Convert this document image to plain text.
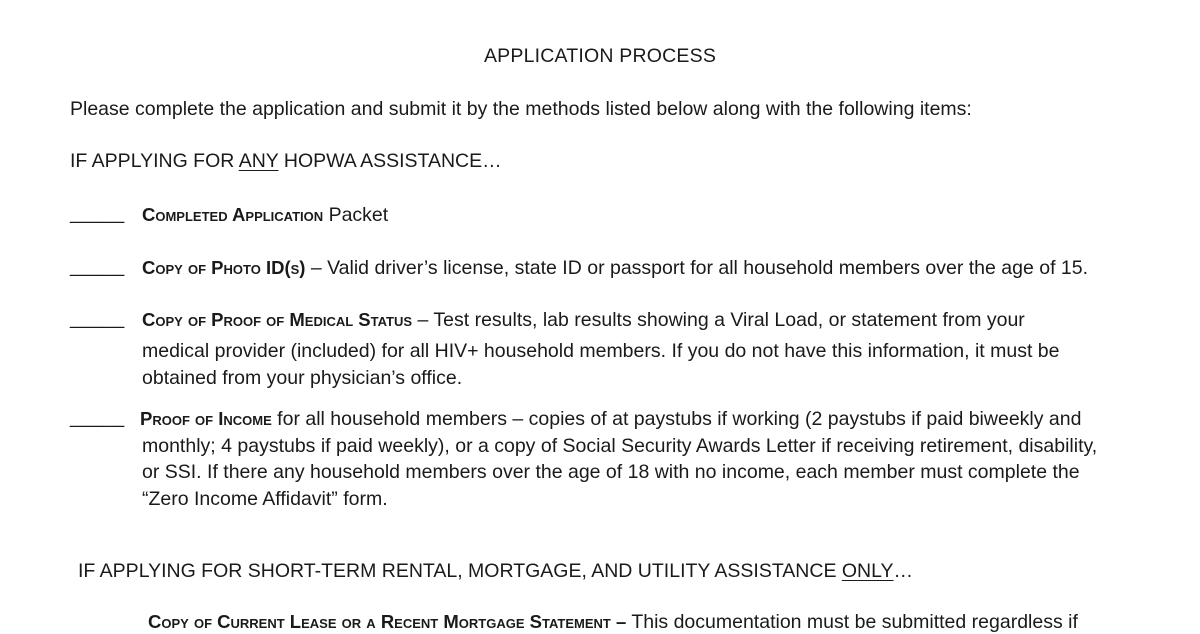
APPLICATION PROCESS
Please complete the application and submit it by the methods listed below along with the following items:
IF APPLYING FOR ANY HOPWA ASSISTANCE…
_____ Completed Application Packet
_____ Copy of Photo ID(s) – Valid driver’s license, state ID or passport for all household members over the age of 15.
_____ Copy of Proof of Medical Status – Test results, lab results showing a Viral Load, or statement from your
medical provider (included) for all HIV+ household members. If you do not have this information, it must be
obtained from your physician’s office.
_____ Proof of Income for all household members – copies of at paystubs if working (2 paystubs if paid biweekly and
monthly; 4 paystubs if paid weekly), or a copy of Social Security Awards Letter if receiving retirement, disability,
or SSI. If there any household members over the age of 18 with no income, each member must complete the
“Zero Income Affidavit” form.
IF APPLYING FOR SHORT-TERM RENTAL, MORTGAGE, AND UTILITY ASSISTANCE ONLY…
Copy of Current Lease or a Recent Mortgage Statement – This documentation must be submitted regardless if
